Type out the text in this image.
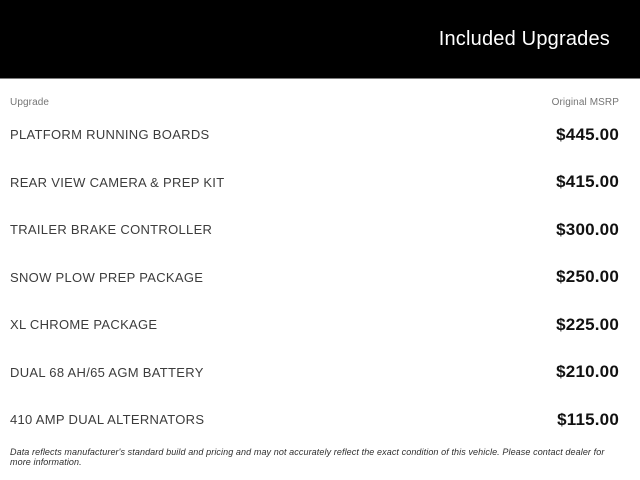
Included Upgrades
Upgrade	Original MSRP
PLATFORM RUNNING BOARDS	$445.00
REAR VIEW CAMERA & PREP KIT	$415.00
TRAILER BRAKE CONTROLLER	$300.00
SNOW PLOW PREP PACKAGE	$250.00
XL CHROME PACKAGE	$225.00
DUAL 68 AH/65 AGM BATTERY	$210.00
410 AMP DUAL ALTERNATORS	$115.00
Data reflects manufacturer's standard build and pricing and may not accurately reflect the exact condition of this vehicle. Please contact dealer for more information.
